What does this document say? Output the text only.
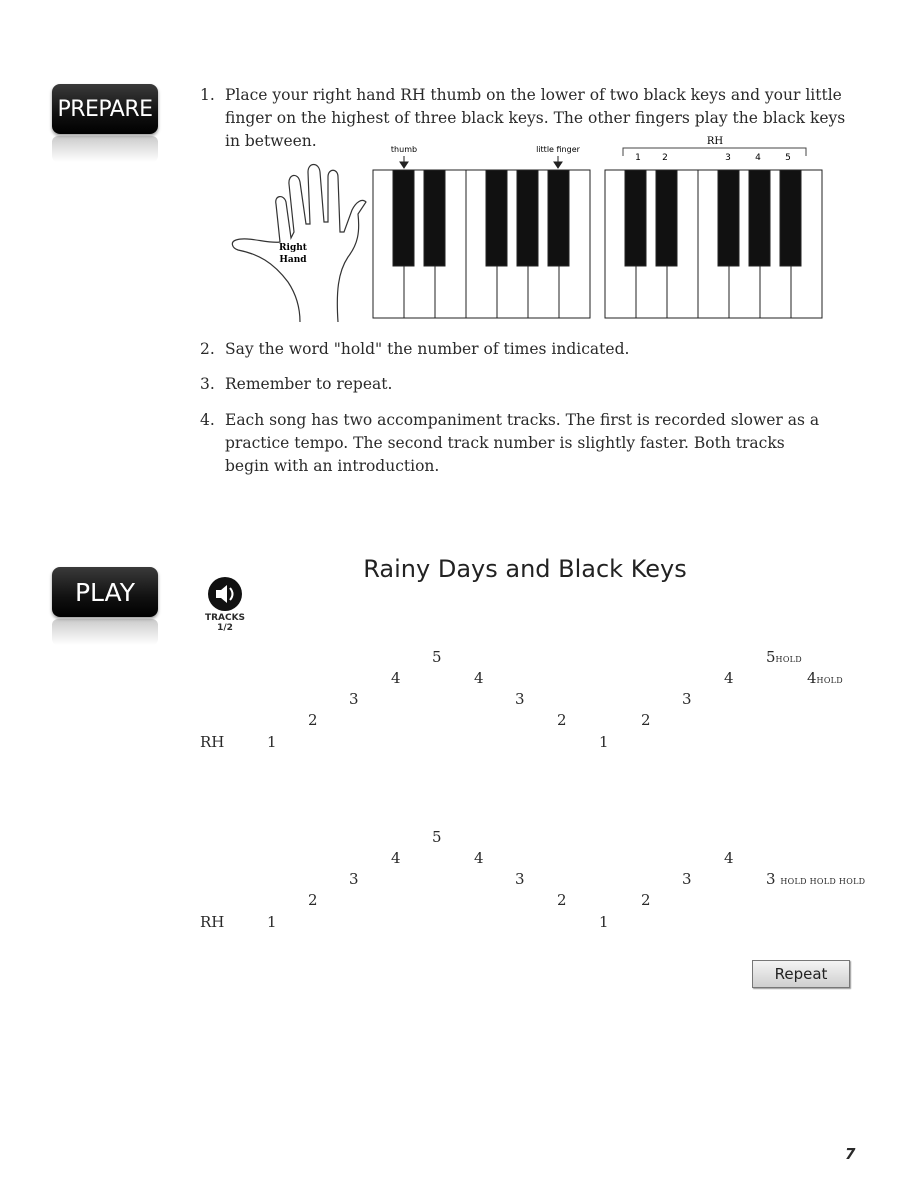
PREPARE
1. Place your right hand RH thumb on the lower of two black keys and your little finger on the highest of three black keys. The other fingers play the black keys in between.
Right
Hand
thumb	little finger
RH
1 2	3	4	5
2. Say the word "hold" the number of times indicated.
3. Remember to repeat.
4. Each song has two accompaniment tracks. The first is recorded slower as a practice tempo. The second track number is slightly faster. Both tracks begin with an introduction.
PLAY
Rainy Days and Black Keys
TRACKS
1/2
RH	1
2
3
4
5
4
3
2
1
2
3
4
5HOLD
4HOLD
RH	1
2
3
4
5
4
3
2
1
2
3
4
3 HOLD HOLD HOLD
Repeat
7
